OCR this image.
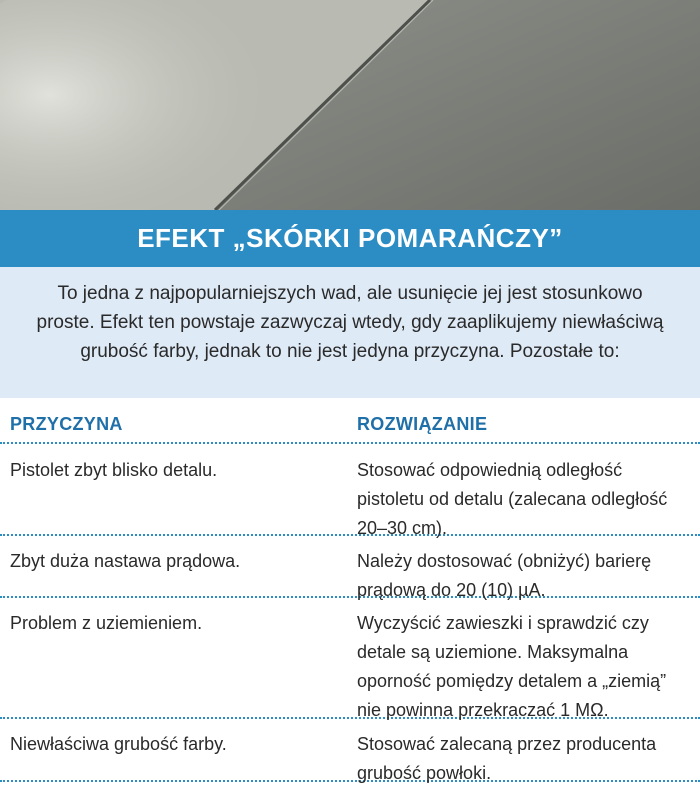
EFEKT „SKÓRKI POMARAŃCZY”
To jedna z najpopularniejszych wad, ale usunięcie jej jest stosunkowo proste. Efekt ten powstaje zazwyczaj wtedy, gdy zaaplikujemy niewłaściwą grubość farby, jednak to nie jest jedyna przyczyna. Pozostałe to:
PRZYCZYNA	ROZWIĄZANIE
Pistolet zbyt blisko detalu.	Stosować odpowiednią odległość pistoletu od detalu (zalecana odległość 20–30 cm).
Zbyt duża nastawa prądowa.	Należy dostosować (obniżyć) barierę prądową do 20 (10) µA.
Problem z uziemieniem.	Wyczyścić zawieszki i sprawdzić czy detale są uziemione. Maksymalna oporność pomiędzy detalem a „ziemią” nie powinna przekraczać 1 MΩ.
Niewłaściwa grubość farby.	Stosować zalecaną przez producenta grubość powłoki.
